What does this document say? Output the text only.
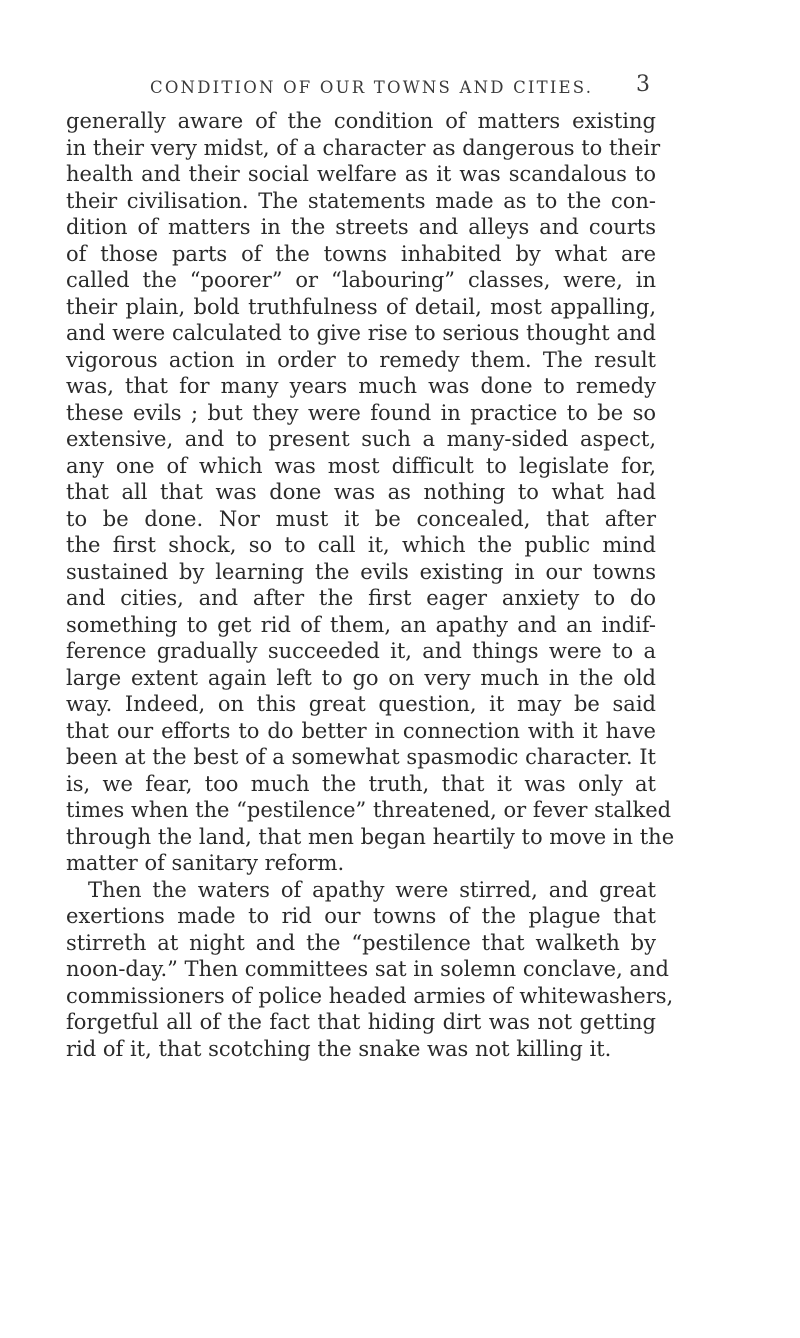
CONDITION OF OUR TOWNS AND CITIES. 3
generally aware of the condition of matters existing
in their very midst, of a character as dangerous to their
health and their social welfare as it was scandalous to
their civilisation. The statements made as to the con-
dition of matters in the streets and alleys and courts
of those parts of the towns inhabited by what are
called the “poorer” or “labouring” classes, were, in
their plain, bold truthfulness of detail, most appalling,
and were calculated to give rise to serious thought and
vigorous action in order to remedy them. The result
was, that for many years much was done to remedy
these evils ; but they were found in practice to be so
extensive, and to present such a many-sided aspect,
any one of which was most difficult to legislate for,
that all that was done was as nothing to what had
to be done. Nor must it be concealed, that after
the first shock, so to call it, which the public mind
sustained by learning the evils existing in our towns
and cities, and after the first eager anxiety to do
something to get rid of them, an apathy and an indif-
ference gradually succeeded it, and things were to a
large extent again left to go on very much in the old
way. Indeed, on this great question, it may be said
that our efforts to do better in connection with it have
been at the best of a somewhat spasmodic character. It
is, we fear, too much the truth, that it was only at
times when the “pestilence” threatened, or fever stalked
through the land, that men began heartily to move in the
matter of sanitary reform.
Then the waters of apathy were stirred, and great
exertions made to rid our towns of the plague that
stirreth at night and the “pestilence that walketh by
noon-day.” Then committees sat in solemn conclave, and
commissioners of police headed armies of whitewashers,
forgetful all of the fact that hiding dirt was not getting
rid of it, that scotching the snake was not killing it.
